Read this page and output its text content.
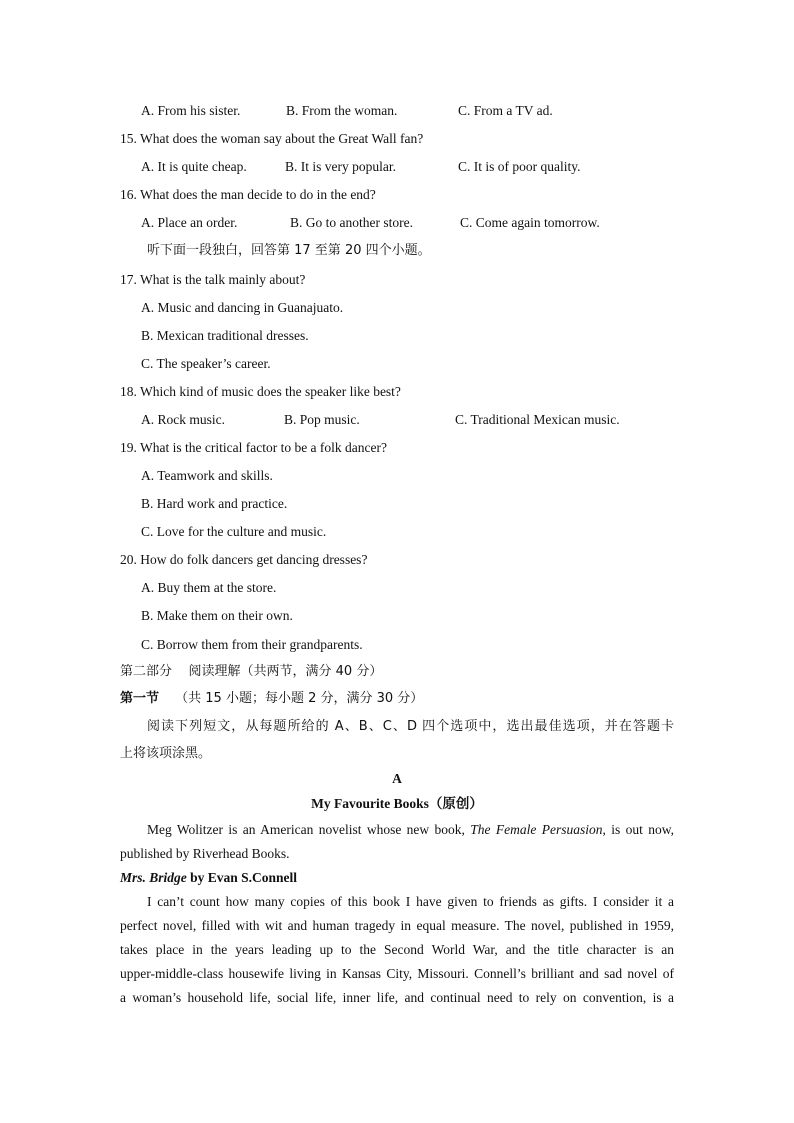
A. From his sister.	B. From the woman.	C. From a TV ad.
15. What does the woman say about the Great Wall fan?
A. It is quite cheap.	B. It is very popular.	C. It is of poor quality.
16. What does the man decide to do in the end?
A. Place an order.	B. Go to another store.	C. Come again tomorrow.
听下面一段独白，回答第 17 至第 20 四个小题。
17. What is the talk mainly about?
A. Music and dancing in Guanajuato.
B. Mexican traditional dresses.
C. The speaker’s career.
18. Which kind of music does the speaker like best?
A. Rock music.	B. Pop music.	C. Traditional Mexican music.
19. What is the critical factor to be a folk dancer?
A. Teamwork and skills.
B. Hard work and practice.
C. Love for the culture and music.
20. How do folk dancers get dancing dresses?
A. Buy them at the store.
B. Make them on their own.
C. Borrow them from their grandparents.
第二部分    阅读理解（共两节，满分 40 分）
第一节 （共 15 小题；每小题 2 分，满分 30 分）
阅读下列短文，从每题所给的 A、B、C、D 四个选项中，选出最佳选项，并在答题卡
上将该项涂黑。
A
My Favourite Books（原创）
Meg Wolitzer is an American novelist whose new book, The Female Persuasion, is out now,
published by Riverhead Books.
Mrs. Bridge by Evan S.Connell
I can’t count how many copies of this book I have given to friends as gifts. I consider it a
perfect novel, filled with wit and human tragedy in equal measure. The novel, published in 1959,
takes place in the years leading up to the Second World War, and the title character is an
upper-middle-class housewife living in Kansas City, Missouri. Connell’s brilliant and sad novel of
a woman’s household life, social life, inner life, and continual need to rely on convention, is a
